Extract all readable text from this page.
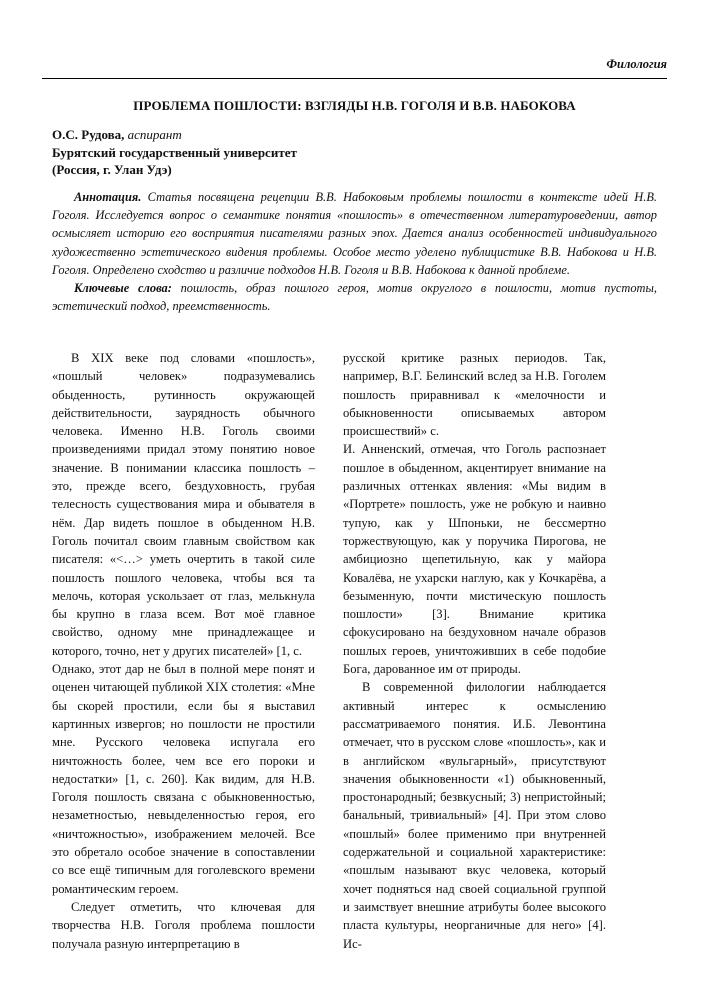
Филология
ПРОБЛЕМА ПОШЛОСТИ: ВЗГЛЯДЫ Н.В. ГОГОЛЯ И В.В. НАБОКОВА
О.С. Рудова, аспирант
Бурятский государственный университет
(Россия, г. Улан Удэ)

Аннотация. Статья посвящена рецепции В.В. Набоковым проблемы пошлости в контексте идей Н.В. Гоголя. Исследуется вопрос о семантике понятия «пошлость» в отечественном литературоведении, автор осмысляет историю его восприятия писателями разных эпох. Дается анализ особенностей индивидуального художественно эстетического видения проблемы. Особое место уделено публицистике В.В. Набокова и Н.В. Гоголя. Определено сходство и различие подходов Н.В. Гоголя и В.В. Набокова к данной проблеме.

Ключевые слова: пошлость, образ пошлого героя, мотив округлого в пошлости, мотив пустоты, эстетический подход, преемственность.

В XIX веке под словами «пошлость», «пошлый человек» подразумевались обыденность, рутинность окружающей действительности, заурядность обычного человека. Именно Н.В. Гоголь своими произведениями придал этому понятию новое значение. В понимании классика пошлость – это, прежде всего, бездуховность, грубая телесность существования мира и обывателя в нём. Дар видеть пошлое в обыденном Н.В. Гоголь почитал своим главным свойством как писателя: «<…> уметь очертить в такой силе пошлость пошлого человека, чтобы вся та мелочь, которая ускользает от глаз, мелькнула бы крупно в глаза всем. Вот моё главное свойство, одному мне принадлежащее и которого, точно, нет у других писателей» [1, с.

Однако, этот дар не был в полной мере понят и оценен читающей публикой XIX столетия: «Мне бы скорей простили, если бы я выставил картинных извергов; но пошлости не простили мне. Русского человека испугала его ничтожность более, чем все его пороки и недостатки» [1, с. 260]. Как видим, для Н.В. Гоголя пошлость связана с обыкновенностью, незаметностью, невыделенностью героя, его «ничтожностью», изображением мелочей. Все это обретало особое значение в сопоставлении со все ещё типичным для гоголевского времени романтическим героем.

Следует отметить, что ключевая для творчества Н.В. Гоголя проблема пошлости получала разную интерпретацию в

русской критике разных периодов. Так, например, В.Г. Белинский вслед за Н.В. Гоголем пошлость приравнивал к «мелочности и обыкновенности описываемых автором происшествий» с.

И. Анненский, отмечая, что Гоголь распознает пошлое в обыденном, акцентирует внимание на различных оттенках явления: «Мы видим в «Портрете» пошлость, уже не робкую и наивно тупую, как у Шпоньки, не бессмертно торжествующую, как у поручика Пирогова, не амбициозно щепетильную, как у майора Ковалёва, не ухарски наглую, как у Кочкарёва, а безыменную, почти мистическую пошлость пошлости» [3]. Внимание критика сфокусировано на бездуховном начале образов пошлых героев, уничтоживших в себе подобие Бога, дарованное им от природы.

В современной филологии наблюдается активный интерес к осмыслению рассматриваемого понятия. И.Б. Левонтина отмечает, что в русском слове «пошлость», как и в английском «вульгарный», присутствуют значения обыкновенности «1) обыкновенный, простонародный; безвкусный; 3) непристойный; банальный, тривиальный» [4]. При этом слово «пошлый» более применимо при внутренней содержательной и социальной характеристике: «пошлым называют вкус человека, который хочет подняться над своей социальной группой и заимствует внешние атрибуты более высокого пласта культуры, неорганичные для него» [4]. Ис-
